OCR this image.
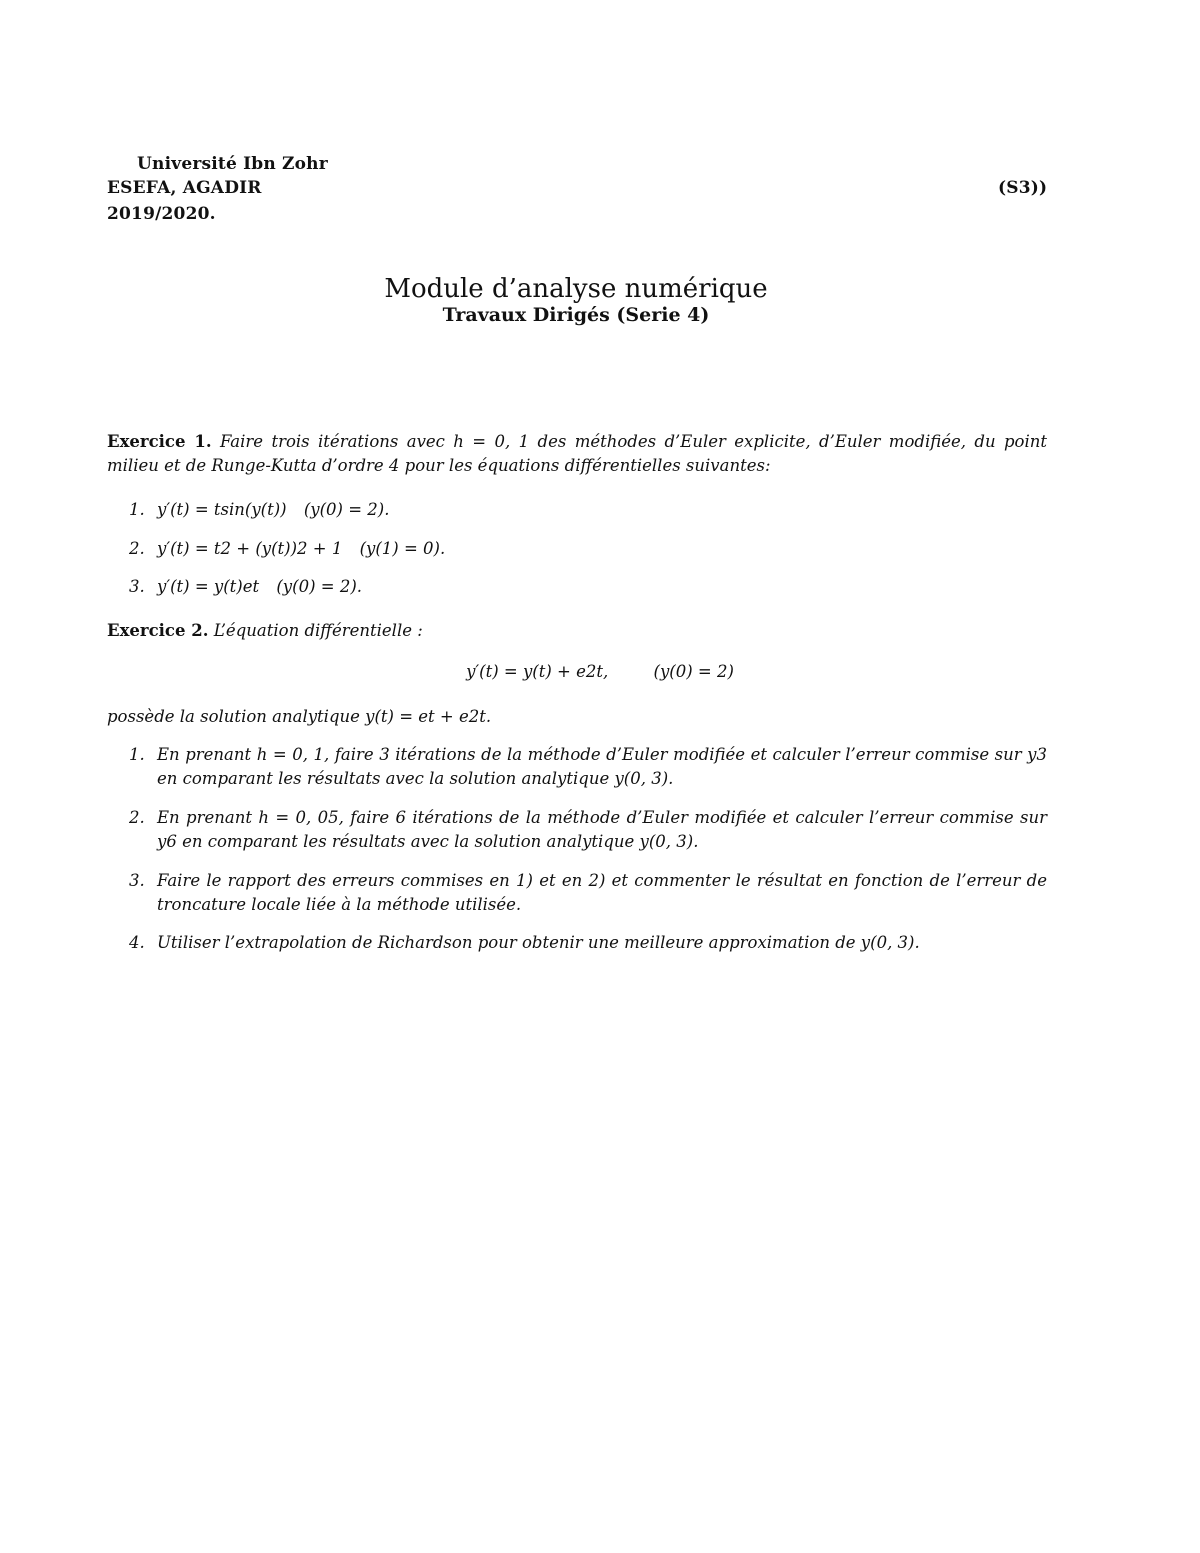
Université Ibn Zohr
ESEFA, AGADIR	(S3))
2019/2020.
Module d’analyse numérique
Travaux Dirigés (Serie 4)
Exercice 1. Faire trois itérations avec h = 0, 1 des méthodes d’Euler explicite, d’Euler modifiée, du point milieu et de Runge-Kutta d’ordre 4 pour les équations différentielles suivantes:
1. y′(t) = tsin(y(t)) (y(0) = 2).
2. y′(t) = t2 + (y(t))2 + 1 (y(1) = 0).
3. y′(t) = y(t)et (y(0) = 2).
Exercice 2. L’équation différentielle :
y′(t) = y(t) + e2t,	(y(0) = 2)
possède la solution analytique y(t) = et + e2t.
1. En prenant h = 0, 1, faire 3 itérations de la méthode d’Euler modifiée et calculer l’erreur commise sur y3 en comparant les résultats avec la solution analytique y(0, 3).
2. En prenant h = 0, 05, faire 6 itérations de la méthode d’Euler modifiée et calculer l’erreur commise sur y6 en comparant les résultats avec la solution analytique y(0, 3).
3. Faire le rapport des erreurs commises en 1) et en 2) et commenter le résultat en fonction de l’erreur de troncature locale liée à la méthode utilisée.
4. Utiliser l’extrapolation de Richardson pour obtenir une meilleure approximation de y(0, 3).
